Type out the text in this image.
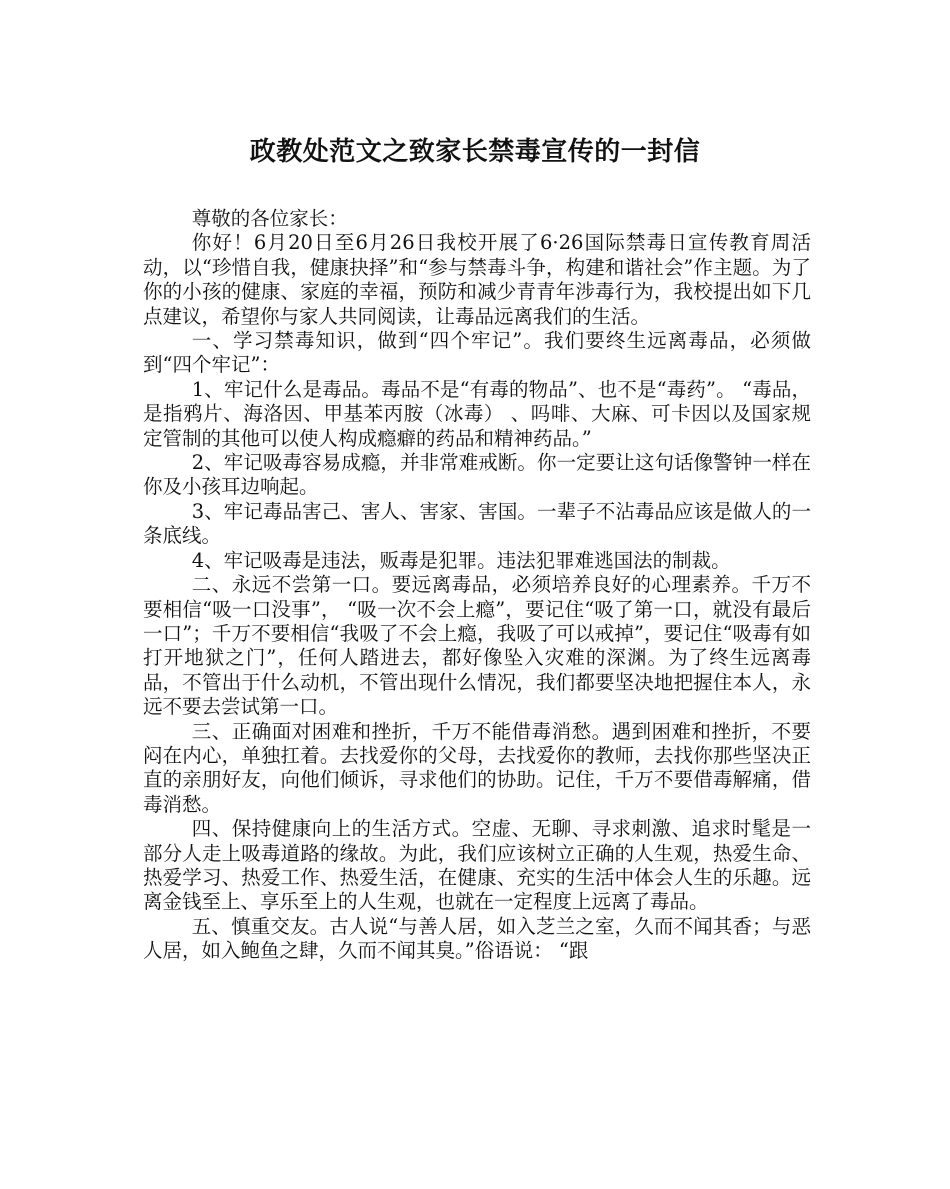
政教处范文之致家长禁毒宣传的一封信

尊敬的各位家长：

你好！6月20日至6月26日我校开展了6·26国际禁毒日宣传教育周活动，以“珍惜自我，健康抉择”和“参与禁毒斗争，构建和谐社会”作主题。为了你的小孩的健康、家庭的幸福，预防和减少青青年涉毒行为，我校提出如下几点建议，希望你与家人共同阅读，让毒品远离我们的生活。

一、学习禁毒知识，做到“四个牢记”。我们要终生远离毒品，必须做到“四个牢记”：

1、牢记什么是毒品。毒品不是“有毒的物品”、也不是“毒药”。 “毒品，是指鸦片、海洛因、甲基苯丙胺（冰毒） 、吗啡、大麻、可卡因以及国家规定管制的其他可以使人构成瘾癖的药品和精神药品。”

2、牢记吸毒容易成瘾，并非常难戒断。你一定要让这句话像警钟一样在你及小孩耳边响起。

3、牢记毒品害己、害人、害家、害国。一辈子不沾毒品应该是做人的一条底线。

4、牢记吸毒是违法，贩毒是犯罪。违法犯罪难逃国法的制裁。

二、永远不尝第一口。要远离毒品，必须培养良好的心理素养。千万不要相信“吸一口没事”， “吸一次不会上瘾”，要记住“吸了第一口，就没有最后一口”；千万不要相信“我吸了不会上瘾，我吸了可以戒掉”，要记住“吸毒有如打开地狱之门”，任何人踏进去，都好像坠入灾难的深渊。为了终生远离毒品，不管出于什么动机，不管出现什么情况，我们都要坚决地把握住本人，永远不要去尝试第一口。

三、正确面对困难和挫折，千万不能借毒消愁。遇到困难和挫折，不要闷在内心，单独扛着。去找爱你的父母，去找爱你的教师，去找你那些坚决正直的亲朋好友，向他们倾诉，寻求他们的协助。记住，千万不要借毒解痛，借毒消愁。

四、保持健康向上的生活方式。空虚、无聊、寻求刺激、追求时髦是一部分人走上吸毒道路的缘故。为此，我们应该树立正确的人生观，热爱生命、热爱学习、热爱工作、热爱生活，在健康、充实的生活中体会人生的乐趣。远离金钱至上、享乐至上的人生观，也就在一定程度上远离了毒品。

五、慎重交友。古人说“与善人居，如入芝兰之室，久而不闻其香；与恶人居，如入鲍鱼之肆，久而不闻其臭。”俗语说： “跟
